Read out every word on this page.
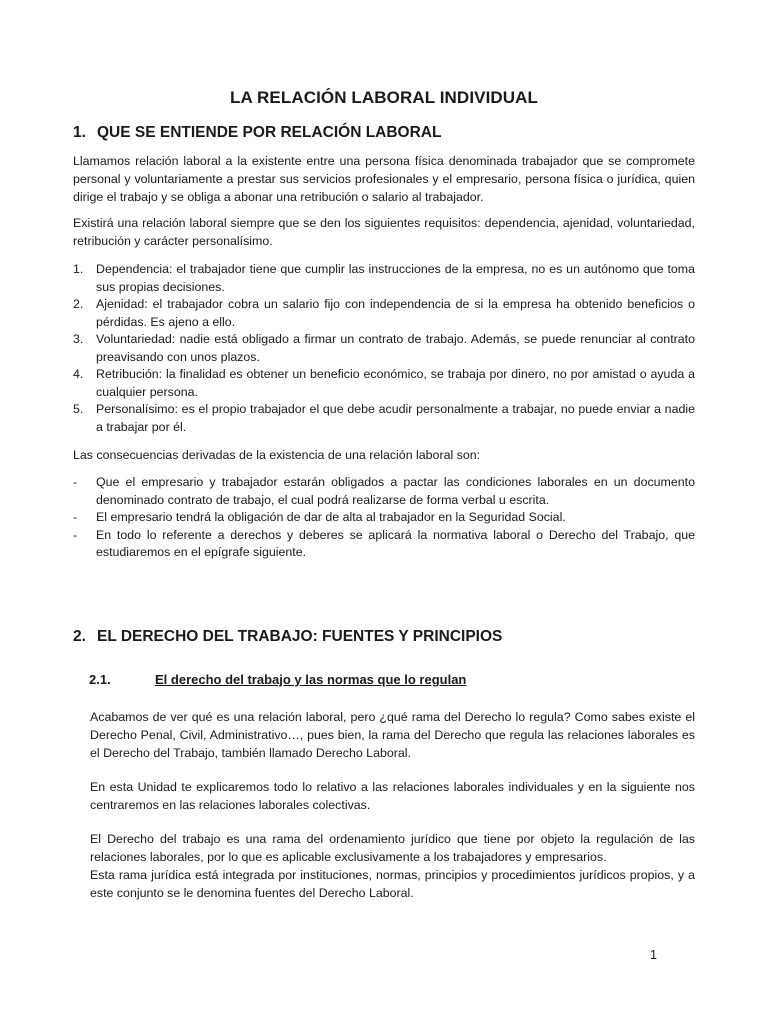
LA RELACIÓN LABORAL INDIVIDUAL
1. QUE SE ENTIENDE POR RELACIÓN LABORAL

Llamamos relación laboral a la existente entre una persona física denominada trabajador que se compromete personal y voluntariamente a prestar sus servicios profesionales y el empresario, persona física o jurídica, quien dirige el trabajo y se obliga a abonar una retribución o salario al trabajador.

Existirá una relación laboral siempre que se den los siguientes requisitos: dependencia, ajenidad, voluntariedad, retribución y carácter personalísimo.

1. Dependencia: el trabajador tiene que cumplir las instrucciones de la empresa, no es un autónomo que toma sus propias decisiones.
2. Ajenidad: el trabajador cobra un salario fijo con independencia de si la empresa ha obtenido beneficios o pérdidas. Es ajeno a ello.
3. Voluntariedad: nadie está obligado a firmar un contrato de trabajo. Además, se puede renunciar al contrato preavisando con unos plazos.
4. Retribución: la finalidad es obtener un beneficio económico, se trabaja por dinero, no por amistad o ayuda a cualquier persona.
5. Personalísimo: es el propio trabajador el que debe acudir personalmente a trabajar, no puede enviar a nadie a trabajar por él.

Las consecuencias derivadas de la existencia de una relación laboral son:

- Que el empresario y trabajador estarán obligados a pactar las condiciones laborales en un documento denominado contrato de trabajo, el cual podrá realizarse de forma verbal u escrita.
- El empresario tendrá la obligación de dar de alta al trabajador en la Seguridad Social.
- En todo lo referente a derechos y deberes se aplicará la normativa laboral o Derecho del Trabajo, que estudiaremos en el epígrafe siguiente.
2. EL DERECHO DEL TRABAJO: FUENTES Y PRINCIPIOS
2.1.	El derecho del trabajo y las normas que lo regulan

Acabamos de ver qué es una relación laboral, pero ¿qué rama del Derecho lo regula? Como sabes existe el Derecho Penal, Civil, Administrativo…, pues bien, la rama del Derecho que regula las relaciones laborales es el Derecho del Trabajo, también llamado Derecho Laboral.

En esta Unidad te explicaremos todo lo relativo a las relaciones laborales individuales y en la siguiente nos centraremos en las relaciones laborales colectivas.

El Derecho del trabajo es una rama del ordenamiento jurídico que tiene por objeto la regulación de las relaciones laborales, por lo que es aplicable exclusivamente a los trabajadores y empresarios.

Esta rama jurídica está integrada por instituciones, normas, principios y procedimientos jurídicos propios, y a este conjunto se le denomina fuentes del Derecho Laboral.

1
